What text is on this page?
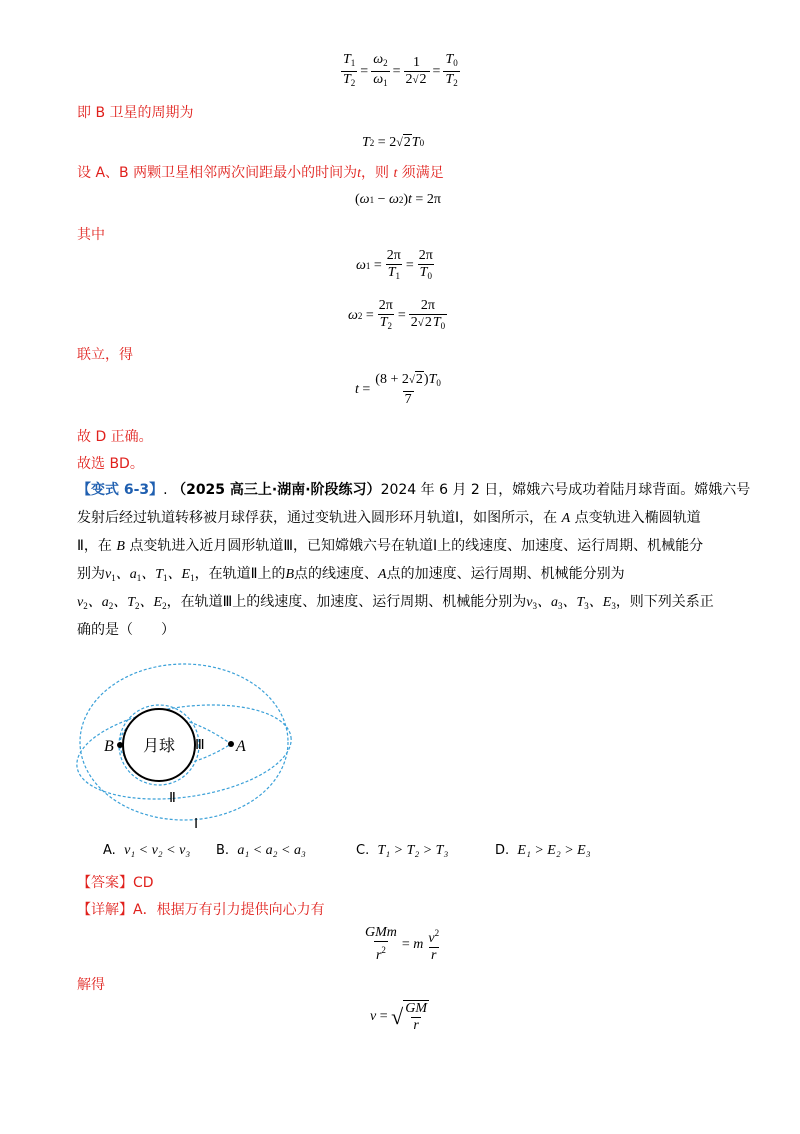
$\frac{T_1}{T_2} = \frac{\omega_2}{\omega_1} = \frac{1}{2√2} = \frac{T_0}{T_2}$
即 B 卫星的周期为
T 2
=
2 √ 2 T 0
设 A、B 两颗卫星相邻两次间距最小的时间为t，则 t 须满足
( ω 1
− ω 2 ) t
=
2π
其中
ω 1
= $\frac{2\pi}{T_1} = \frac{2\pi}{T_0}$
ω 2
= $\frac{2\pi}{T_2} = \frac{2\pi}{2√2T_0}$
联立，得
$t = \frac{(8 + 2√2)T_0}{7}$
故 D 正确。
故选 BD。
【变式 6-3】. （2025 高三上·湖南·阶段练习）2024 年 6 月 2 日，嫦娥六号成功着陆月球背面。嫦娥六号
发射后经过轨道转移被月球俘获，通过变轨进入圆形环月轨道Ⅰ，如图所示，在 A 点变轨进入椭圆轨道
Ⅱ，在 B 点变轨进入近月圆形轨道Ⅲ，已知嫦娥六号在轨道Ⅰ上的线速度、加速度、运行周期、机械能分
别为$v_1$、$a_1$、$T_1$、$E_1$，在轨道Ⅱ上的B点的线速度、A点的加速度、运行周期、机械能分别为
$v_2$、$a_2$、$T_2$、$E_2$，在轨道Ⅲ上的线速度、加速度、运行周期、机械能分别为$v_3$、$a_3$、$T_3$、$E_3$，则下列关系正
确的是（　　）
月球
B	A
Ⅲ
Ⅱ
Ⅰ
A. v₁ < v₂ < v₃ B. a₁ < a₂ < a₃	C. T₁ > T₂ > T₃	D. E₁ > E₂ > E₃
【答案】CD
【详解】A．根据万有引力提供向心力有
$\frac{\text{GMm}}{r^2}$ =
m $\frac{v^2}{r}$
解得
v
=
√ $\frac{GM}{r}$
